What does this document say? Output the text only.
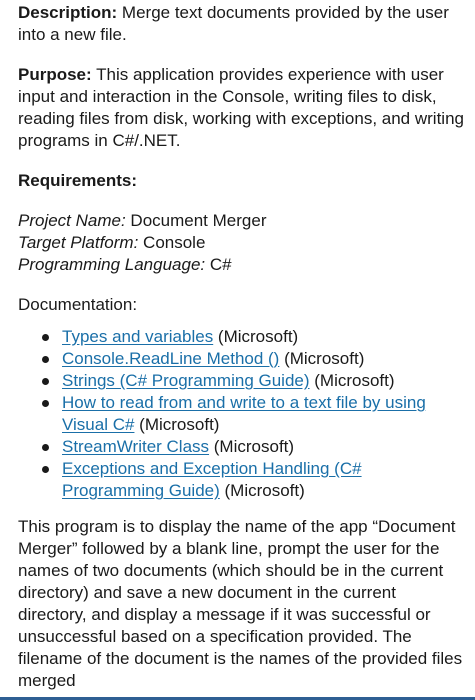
Description: Merge text documents provided by the user into a new file.

Purpose: This application provides experience with user input and interaction in the Console, writing files to disk, reading files from disk, working with exceptions, and writing programs in C#/.NET.

Requirements:

Project Name: Document Merger

Target Platform: Console

Programming Language: C#

Documentation:

Types and variables (Microsoft)
Console.ReadLine Method () (Microsoft)
Strings (C# Programming Guide) (Microsoft)
How to read from and write to a text file by using Visual C# (Microsoft)
StreamWriter Class (Microsoft)
Exceptions and Exception Handling (C# Programming Guide) (Microsoft)

This program is to display the name of the app “Document Merger” followed by a blank line, prompt the user for the names of two documents (which should be in the current directory) and save a new document in the current directory, and display a message if it was successful or unsuccessful based on a specification provided. The filename of the document is the names of the provided files merged
